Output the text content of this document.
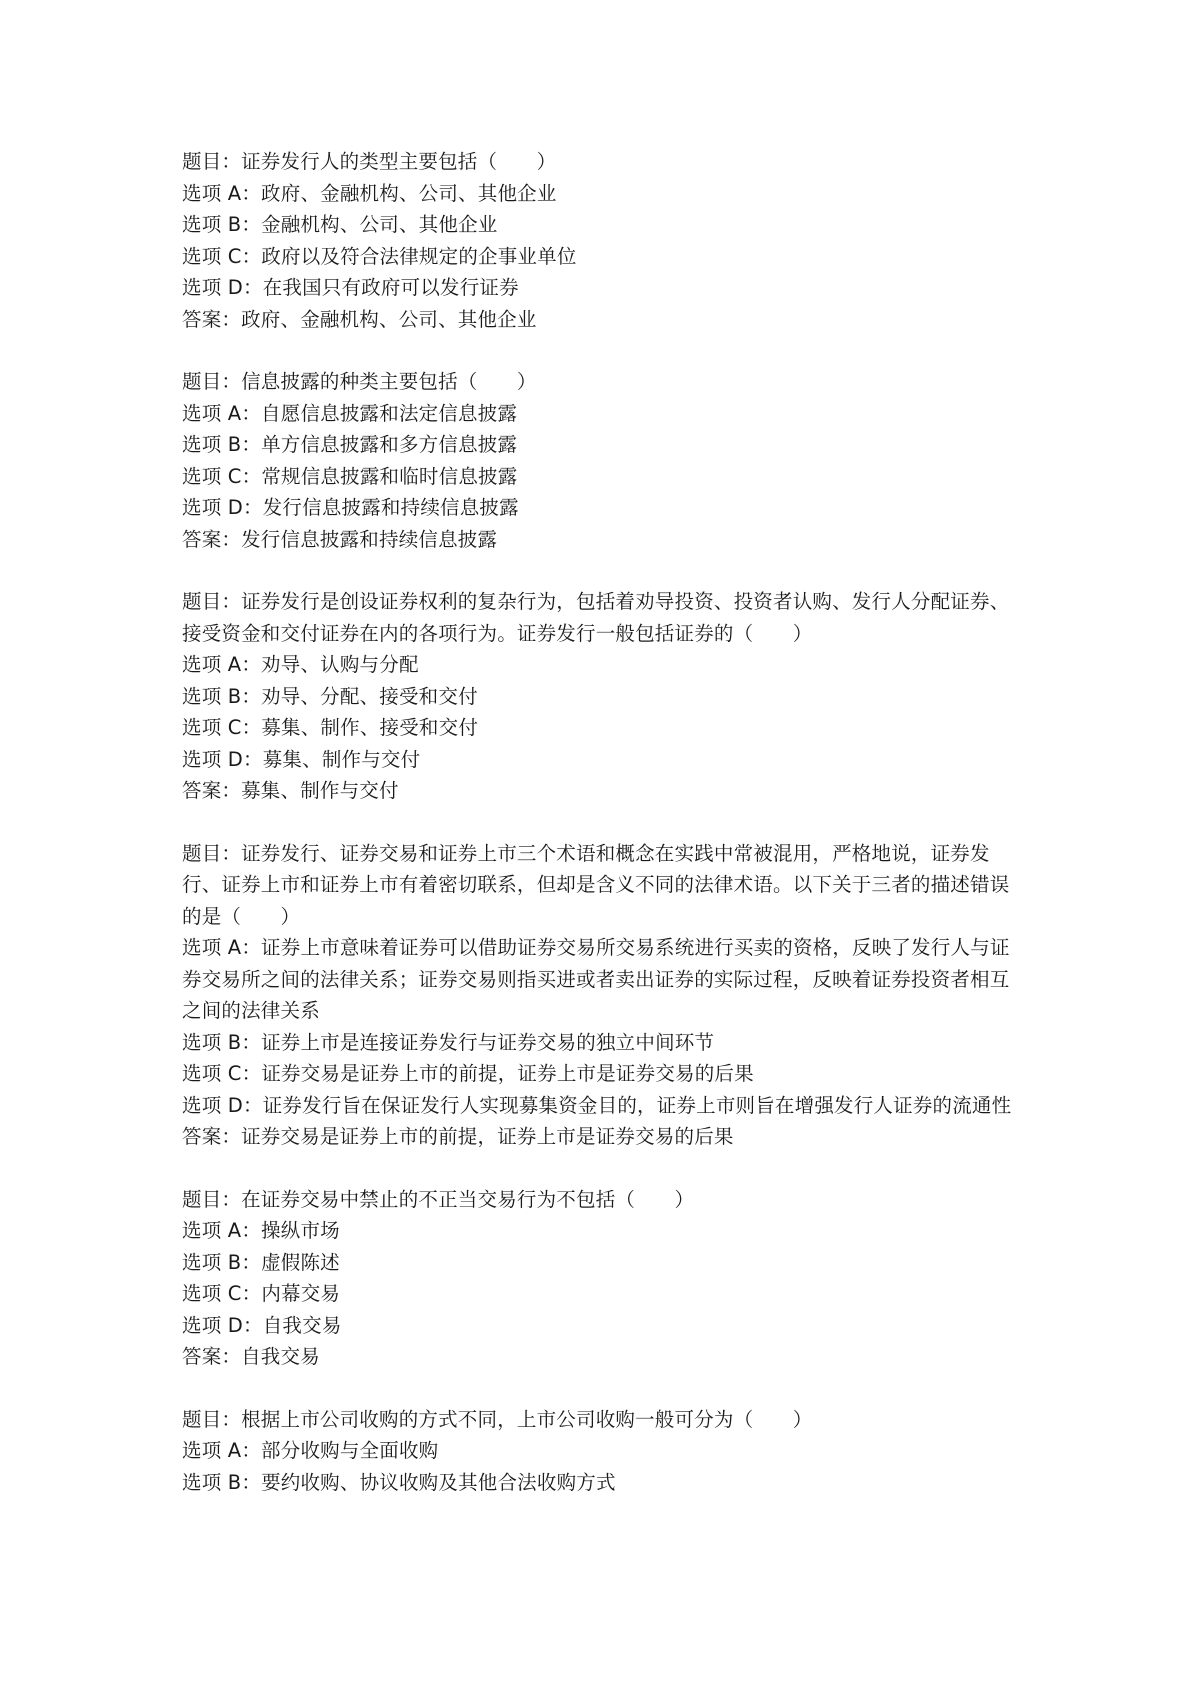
题目：证券发行人的类型主要包括（　　）
选项 A：政府、金融机构、公司、其他企业
选项 B：金融机构、公司、其他企业
选项 C：政府以及符合法律规定的企事业单位
选项 D：在我国只有政府可以发行证券
答案：政府、金融机构、公司、其他企业
题目：信息披露的种类主要包括（　　）
选项 A：自愿信息披露和法定信息披露
选项 B：单方信息披露和多方信息披露
选项 C：常规信息披露和临时信息披露
选项 D：发行信息披露和持续信息披露
答案：发行信息披露和持续信息披露
题目：证券发行是创设证券权利的复杂行为，包括着劝导投资、投资者认购、发行人分配证券、接受资金和交付证券在内的各项行为。证券发行一般包括证券的（　　）
选项 A：劝导、认购与分配
选项 B：劝导、分配、接受和交付
选项 C：募集、制作、接受和交付
选项 D：募集、制作与交付
答案：募集、制作与交付
题目：证券发行、证券交易和证券上市三个术语和概念在实践中常被混用，严格地说，证券发行、证券上市和证券上市有着密切联系，但却是含义不同的法律术语。以下关于三者的描述错误的是（　　）
选项 A：证券上市意味着证券可以借助证券交易所交易系统进行买卖的资格，反映了发行人与证券交易所之间的法律关系；证券交易则指买进或者卖出证券的实际过程，反映着证券投资者相互之间的法律关系
选项 B：证券上市是连接证券发行与证券交易的独立中间环节
选项 C：证券交易是证券上市的前提，证券上市是证券交易的后果
选项 D：证券发行旨在保证发行人实现募集资金目的，证券上市则旨在增强发行人证券的流通性
答案：证券交易是证券上市的前提，证券上市是证券交易的后果
题目：在证券交易中禁止的不正当交易行为不包括（　　）
选项 A：操纵市场
选项 B：虚假陈述
选项 C：内幕交易
选项 D：自我交易
答案：自我交易
题目：根据上市公司收购的方式不同，上市公司收购一般可分为（　　）
选项 A：部分收购与全面收购
选项 B：要约收购、协议收购及其他合法收购方式
